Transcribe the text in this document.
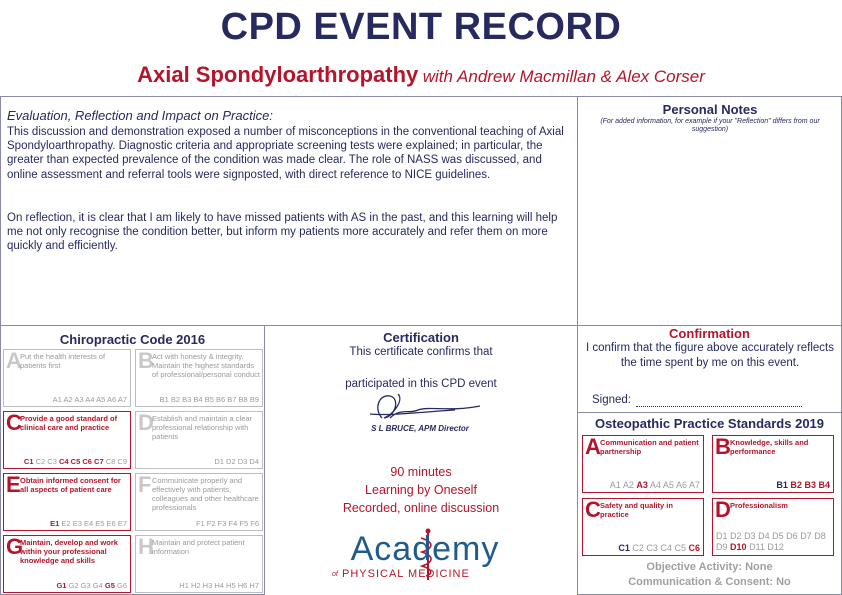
CPD EVENT RECORD
Axial Spondyloarthropathy with Andrew Macmillan & Alex Corser
Evaluation, Reflection and Impact on Practice:

This discussion and demonstration exposed a number of misconceptions in the conventional teaching of Axial Spondyloarthropathy. Diagnostic criteria and appropriate screening tests were explained; in particular, the greater than expected prevalence of the condition was made clear. The role of NASS was discussed, and online assessment and referral tools were signposted, with direct reference to NICE guidelines.

On reflection, it is clear that I am likely to have missed patients with AS in the past, and this learning will help me not only recognise the condition better, but inform my patients more accurately and refer them on more quickly and efficiently.

Personal Notes
(For added information, for example if your "Reflection" differs from our suggestion)
Chiropractic Code 2016
A
Put the health interests of patients first
A1 A2 A3 A4 A5 A6 A7
B
Act with honesty & integrity. Maintain the highest standards of professional/personal conduct
B1 B2 B3 B4 B5 B6 B7 B8 B9
C
Provide a good standard of clinical care and practice
C1 C2 C3 C4 C5 C6 C7 C8 C9
D
Establish and maintain a clear professional relationship with patients
D1 D2 D3 D4
E Obtain informed consent for all aspects of patient care
E1 E2 E3 E4 E5 E6 E7
F Communicate properly and effectively with patients, colleagues and other healthcare professionals
F1 F2 F3 F4 F5 F6
G
Maintain, develop and work within your professional knowledge and skills
G1 G2 G3 G4 G5 G6
H
Maintain and protect patient information
H1 H2 H3 H4 H5 H6 H7
Certification
This certificate confirms that
participated in this CPD event
S L BRUCE, APM Director
90 minutes
Learning by Oneself
Recorded, online discussion
Academy
of PHYSICAL MEDICINE
Confirmation
I confirm that the figure above accurately reflects the time spent by me on this event.
Signed:
Osteopathic Practice Standards 2019
A Communication and patient partnership
A1 A2 A3 A4 A5 A6 A7
B Knowledge, skills and performance
B1 B2 B3 B4
C Safety and quality in practice
C1 C2 C3 C4 C5 C6
D Professionalism
D1 D2 D3 D4 D5 D6 D7 D8 D9 D10 D11 D12
Objective Activity: None
Communication & Consent: No
